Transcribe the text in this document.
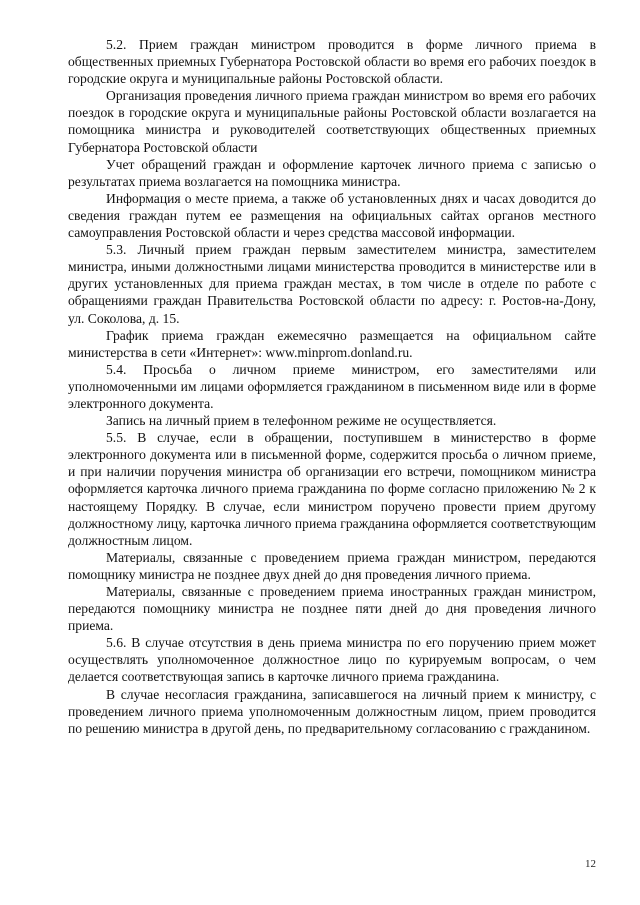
5.2. Прием граждан министром проводится в форме личного приема в общественных приемных Губернатора Ростовской области во время его рабочих поездок в городские округа и муниципальные районы Ростовской области.

Организация проведения личного приема граждан министром во время его рабочих поездок в городские округа и муниципальные районы Ростовской области возлагается на помощника министра и руководителей соответствующих общественных приемных Губернатора Ростовской области

Учет обращений граждан и оформление карточек личного приема с записью о результатах приема возлагается на помощника министра.

Информация о месте приема, а также об установленных днях и часах доводится до сведения граждан путем ее размещения на официальных сайтах органов местного самоуправления Ростовской области и через средства массовой информации.

5.3. Личный прием граждан первым заместителем министра, заместителем министра, иными должностными лицами министерства проводится в министерстве или в других установленных для приема граждан местах, в том числе в отделе по работе с обращениями граждан Правительства Ростовской области по адресу: г. Ростов-на-Дону, ул. Соколова, д. 15.

График приема граждан ежемесячно размещается на официальном сайте министерства в сети «Интернет»: www.minprom.donland.ru.

5.4. Просьба о личном приеме министром, его заместителями или уполномоченными им лицами оформляется гражданином в письменном виде или в форме электронного документа.

Запись на личный прием в телефонном режиме не осуществляется.

5.5. В случае, если в обращении, поступившем в министерство в форме электронного документа или в письменной форме, содержится просьба о личном приеме, и при наличии поручения министра об организации его встречи, помощником министра оформляется карточка личного приема гражданина по форме согласно приложению № 2 к настоящему Порядку. В случае, если министром поручено провести прием другому должностному лицу, карточка личного приема гражданина оформляется соответствующим должностным лицом.

Материалы, связанные с проведением приема граждан министром, передаются помощнику министра не позднее двух дней до дня проведения личного приема.

Материалы, связанные с проведением приема иностранных граждан министром, передаются помощнику министра не позднее пяти дней до дня проведения личного приема.

5.6. В случае отсутствия в день приема министра по его поручению прием может осуществлять уполномоченное должностное лицо по курируемым вопросам, о чем делается соответствующая запись в карточке личного приема гражданина.

В случае несогласия гражданина, записавшегося на личный прием к министру, с проведением личного приема уполномоченным должностным лицом, прием проводится по решению министра в другой день, по предварительному согласованию с гражданином.

12
